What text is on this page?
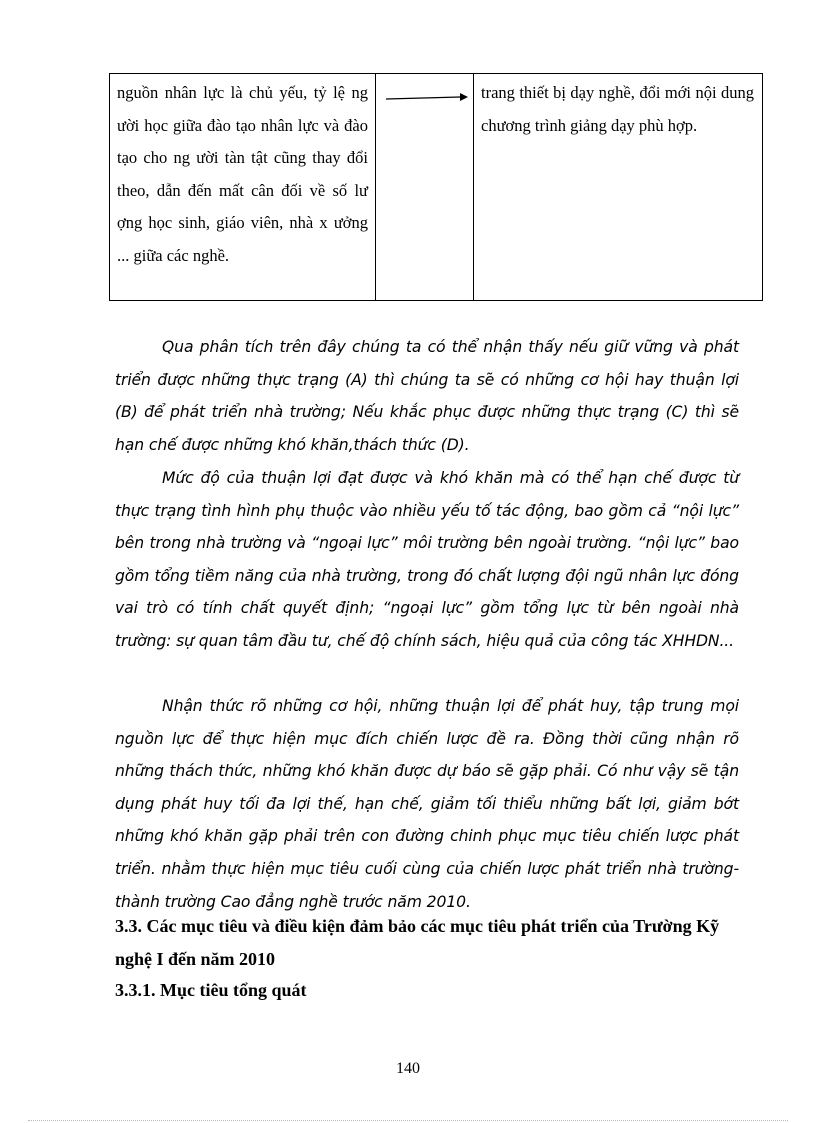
nguồn nhân lực là chủ yếu, tỷ lệ ng ười học giữa đào tạo nhân lực và đào tạo cho ng ười tàn tật cũng thay đổi theo, dẫn đến mất cân đối về số lư ợng học sinh, giáo viên, nhà x ưởng ... giữa các nghề.

trang thiết bị dạy nghề, đổi mới nội dung chương trình giảng dạy phù hợp.

Qua phân tích trên đây chúng ta có thể nhận thấy nếu giữ vững và phát triển được những thực trạng (A) thì chúng ta sẽ có những cơ hội hay thuận lợi (B) để phát triển nhà trường; Nếu khắc phục được những thực trạng (C) thì sẽ hạn chế được những khó khăn,thách thức (D).

Mức độ của thuận lợi đạt được và khó khăn mà có thể hạn chế được từ thực trạng tình hình phụ thuộc vào nhiều yếu tố tác động, bao gồm cả “nội lực” bên trong nhà trường và “ngoại lực” môi trường bên ngoài trường. “nội lực” bao gồm tổng tiềm năng của nhà trường, trong đó chất lượng đội ngũ nhân lực đóng vai trò có tính chất quyết định; “ngoại lực” gồm tổng lực từ bên ngoài nhà trường: sự quan tâm đầu tư, chế độ chính sách, hiệu quả của công tác XHHDN...

Nhận thức rõ những cơ hội, những thuận lợi để phát huy, tập trung mọi nguồn lực để thực hiện mục đích chiến lược đề ra. Đồng thời cũng nhận rõ những thách thức, những khó khăn được dự báo sẽ gặp phải. Có như vậy sẽ tận dụng phát huy tối đa lợi thế, hạn chế, giảm tối thiểu những bất lợi, giảm bớt những khó khăn gặp phải trên con đường chinh phục mục tiêu chiến lược phát triển. nhằm thực hiện mục tiêu cuối cùng của chiến lược phát triển nhà trường- thành trường Cao đẳng nghề trước năm 2010.

3.3. Các mục tiêu và điều kiện đảm bảo các mục tiêu phát triển của Trường Kỹ nghệ I đến năm 2010

3.3.1. Mục tiêu tổng quát

140
